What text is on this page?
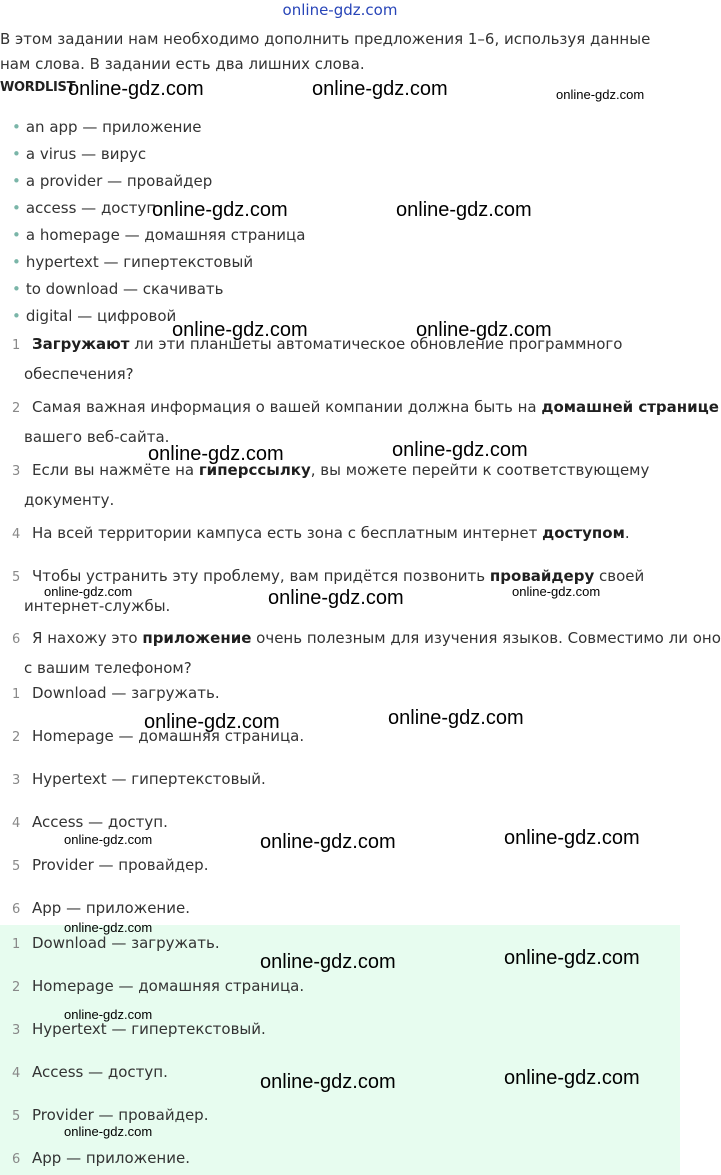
online-gdz.com
В этом задании нам необходимо дополнить предложения 1–6, используя данные нам слова. В задании есть два лишних слова.
WORDLIST
• an app — приложение
• a virus — вирус
• a provider — провайдер
• access — доступ
• a homepage — домашняя страница
• hypertext — гипертекстовый
• to download — скачивать
• digital — цифровой
1 Загружают ли эти планшеты автоматическое обновление программного
обеспечения?
2 Самая важная информация о вашей компании должна быть на домашней странице
вашего веб-сайта.
3 Если вы нажмёте на гиперссылку, вы можете перейти к соответствующему
документу.
4 На всей территории кампуса есть зона с бесплатным интернет доступом.
5 Чтобы устранить эту проблему, вам придётся позвонить провайдеру своей
интернет-службы.
6 Я нахожу это приложение очень полезным для изучения языков. Совместимо ли оно
с вашим телефоном?
1 Download — загружать.
2 Homepage — домашняя страница.
3 Hypertext — гипертекстовый.
4 Access — доступ.
5 Provider — провайдер.
6 App — приложение.
1 Download — загружать.
2 Homepage — домашняя страница.
3 Hypertext — гипертекстовый.
4 Access — доступ.
5 Provider — провайдер.
6 App — приложение.
online-gdz.com	online-gdz.com	online-gdz.com
online-gdz.com	online-gdz.com
online-gdz.com	online-gdz.com
online-gdz.com	online-gdz.com
online-gdz.com	online-gdz.com	online-gdz.com
online-gdz.com	online-gdz.com
online-gdz.com	online-gdz.com	online-gdz.com
online-gdz.com
online-gdz.com	online-gdz.com
online-gdz.com
online-gdz.com	online-gdz.com
online-gdz.com
